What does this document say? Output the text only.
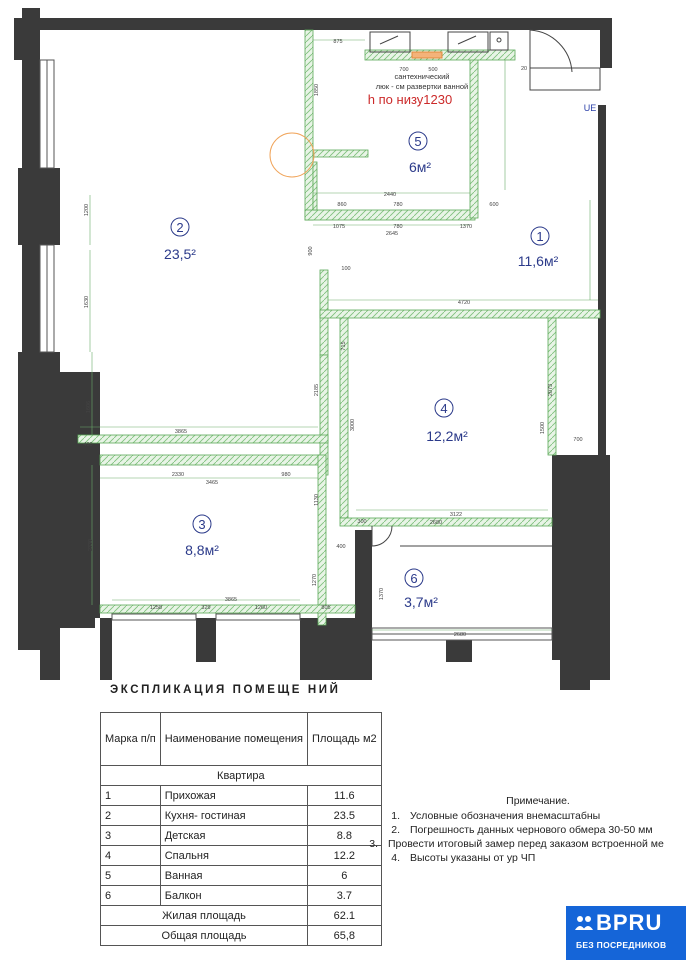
1
11,6м²
2
23,5²
3
8,8м²
4
12,2м²
5
6м²
6
3,7м²
сантехнический
люк - см развертки ванной
h по низу1230
UЕ
875
500
700	20
2440
860	780	600
1075	780
2645
1370
100
4720
3865
400
2330
3465
980
700
3122
300	2680
400
3865
1258	329	1260	805
2680
900
1200
1630
1606
2185
715
3000
2073
1500
2330
1270
1370
1850
1130
ЭКСПЛИКАЦИЯ ПОМЕЩЕ НИЙ
Марка п/п	Наименование помещения	Площадь м2
Квартира		
1	Прихожая	11.6
2	Кухня- гостиная	23.5
3	Детская	8.8
4	Спальня	12.2
5	Ванная	6
6	Балкон	3.7
Жилая площадь		62.1
Общая площадь		65,8
Примечание.
1. Условные обозначения внемасштабны
2. Погрешность данных чернового обмера 30-50 мм
3. Провести итоговый замер перед заказом встроенной ме
4. Высоты указаны от ур ЧП
BPRU
БЕЗ ПОСРЕДНИКОВ
